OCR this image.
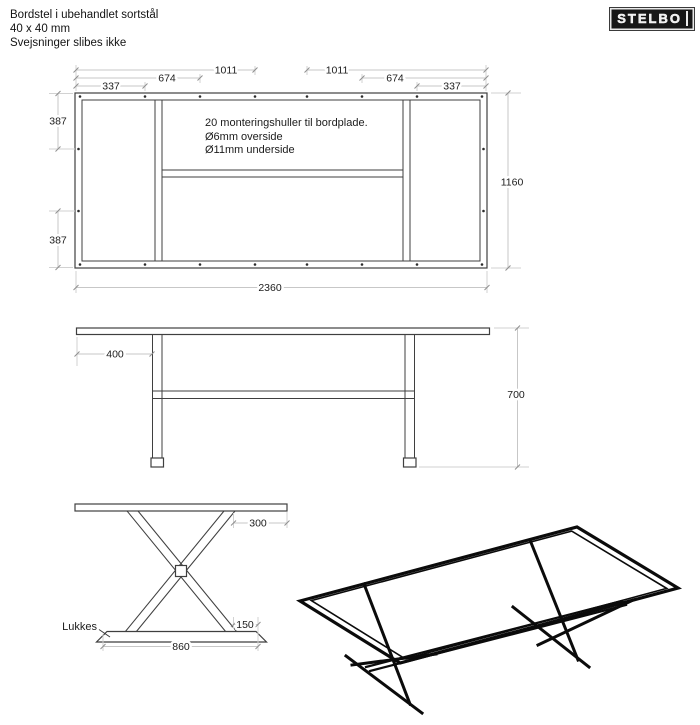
Bordstel i ubehandlet sortstål
40 x 40 mm
Svejsninger slibes ikke
STELBO
20 monteringshuller til bordplade.
Ø6mm overside
Ø11mm underside
1011
674
337
1011
674
337
387
387
1160
2360
400
700
300
150
860
Lukkes
